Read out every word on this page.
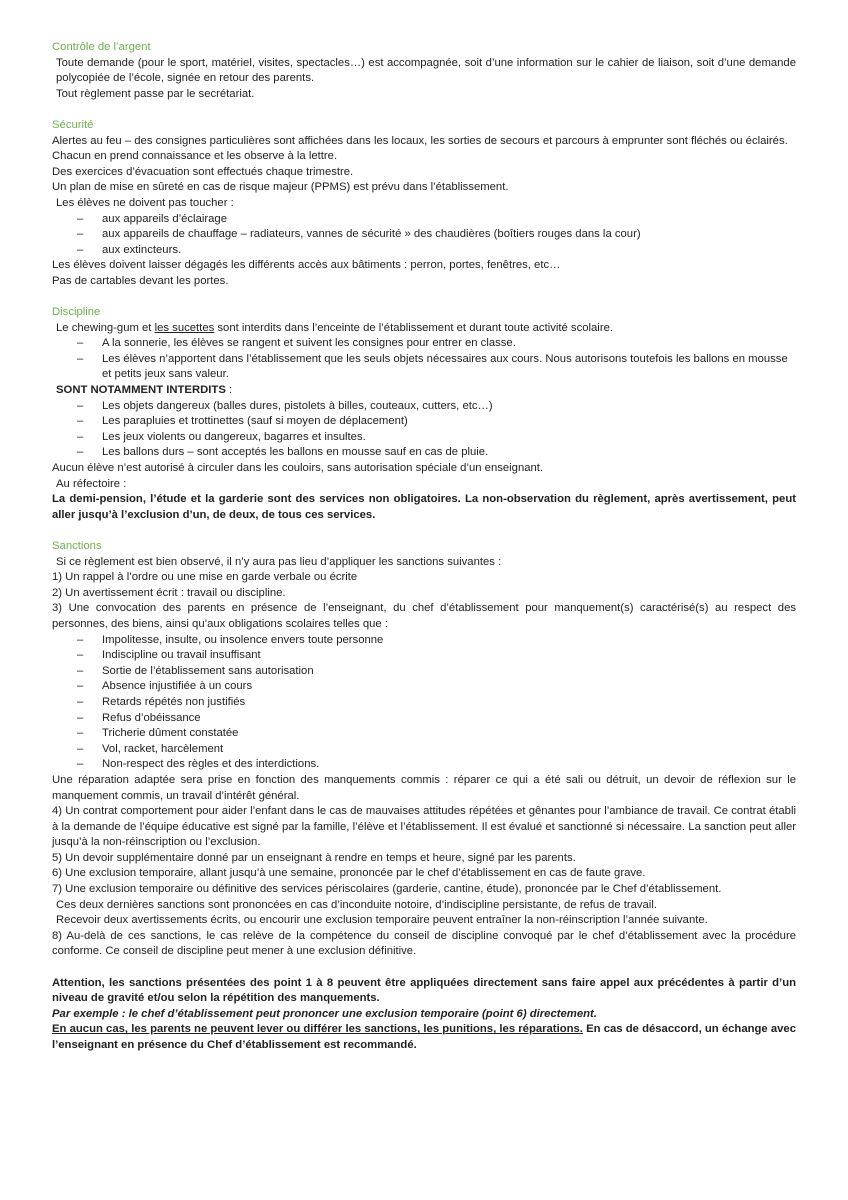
Contrôle de l’argent

Toute demande (pour le sport, matériel, visites, spectacles…) est accompagnée, soit d’une information sur le cahier de liaison, soit d’une demande polycopiée de l’école, signée en retour des parents.

Tout règlement passe par le secrétariat.

Sécurité

Alertes au feu – des consignes particulières sont affichées dans les locaux, les sorties de secours et parcours à emprunter sont fléchés ou éclairés.

Chacun en prend connaissance et les observe à la lettre.

Des exercices d’évacuation sont effectués chaque trimestre.

Un plan de mise en sûreté en cas de risque majeur (PPMS) est prévu dans l’établissement.

Les élèves ne doivent pas toucher :

– aux appareils d’éclairage
– aux appareils de chauffage – radiateurs, vannes de sécurité » des chaudières (boîtiers rouges dans la cour)
– aux extincteurs.

Les élèves doivent laisser dégagés les différents accès aux bâtiments : perron, portes, fenêtres, etc…

Pas de cartables devant les portes.

Discipline

Le chewing-gum et les sucettes sont interdits dans l’enceinte de l’établissement et durant toute activité scolaire.

– A la sonnerie, les élèves se rangent et suivent les consignes pour entrer en classe.
– Les élèves n’apportent dans l’établissement que les seuls objets nécessaires aux cours. Nous autorisons toutefois les ballons en mousse et petits jeux sans valeur.

SONT NOTAMMENT INTERDITS :

– Les objets dangereux (balles dures, pistolets à billes, couteaux, cutters, etc…)
– Les parapluies et trottinettes (sauf si moyen de déplacement)
– Les jeux violents ou dangereux, bagarres et insultes.
– Les ballons durs – sont acceptés les ballons en mousse sauf en cas de pluie.

Aucun élève n’est autorisé à circuler dans les couloirs, sans autorisation spéciale d’un enseignant.

Au réfectoire :

La demi-pension, l’étude et la garderie sont des services non obligatoires. La non-observation du règlement, après avertissement, peut aller jusqu’à l’exclusion d’un, de deux, de tous ces services.

Sanctions

Si ce règlement est bien observé, il n’y aura pas lieu d’appliquer les sanctions suivantes :

1) Un rappel à l’ordre ou une mise en garde verbale ou écrite

2) Un avertissement écrit : travail ou discipline.

3) Une convocation des parents en présence de l’enseignant, du chef d’établissement pour manquement(s) caractérisé(s) au respect des personnes, des biens, ainsi qu’aux obligations scolaires telles que :

– Impolitesse, insulte, ou insolence envers toute personne
– Indiscipline ou travail insuffisant
– Sortie de l’établissement sans autorisation
– Absence injustifiée à un cours
– Retards répétés non justifiés
– Refus d’obéissance
– Tricherie dûment constatée
– Vol, racket, harcèlement
– Non-respect des règles et des interdictions.

Une réparation adaptée sera prise en fonction des manquements commis : réparer ce qui a été sali ou détruit, un devoir de réflexion sur le manquement commis, un travail d’intérêt général.

4) Un contrat comportement pour aider l’enfant dans le cas de mauvaises attitudes répétées et gênantes pour l’ambiance de travail. Ce contrat établi à la demande de l’équipe éducative est signé par la famille, l’élève et l’établissement. Il est évalué et sanctionné si nécessaire. La sanction peut aller jusqu’à la non-réinscription ou l’exclusion.

5) Un devoir supplémentaire donné par un enseignant à rendre en temps et heure, signé par les parents.

6) Une exclusion temporaire, allant jusqu’à une semaine, prononcée par le chef d’établissement en cas de faute grave.

7) Une exclusion temporaire ou définitive des services périscolaires (garderie, cantine, étude), prononcée par le Chef d’établissement.

Ces deux dernières sanctions sont prononcées en cas d’inconduite notoire, d’indiscipline persistante, de refus de travail.

Recevoir deux avertissements écrits, ou encourir une exclusion temporaire peuvent entraîner la non-réinscription l’année suivante.

8) Au-delà de ces sanctions, le cas relève de la compétence du conseil de discipline convoqué par le chef d’établissement avec la procédure conforme. Ce conseil de discipline peut mener à une exclusion définitive.

Attention, les sanctions présentées des point 1 à 8 peuvent être appliquées directement sans faire appel aux précédentes à partir d’un niveau de gravité et/ou selon la répétition des manquements.

Par exemple : le chef d’établissement peut prononcer une exclusion temporaire (point 6) directement.

En aucun cas, les parents ne peuvent lever ou différer les sanctions, les punitions, les réparations. En cas de désaccord, un échange avec l’enseignant en présence du Chef d’établissement est recommandé.
